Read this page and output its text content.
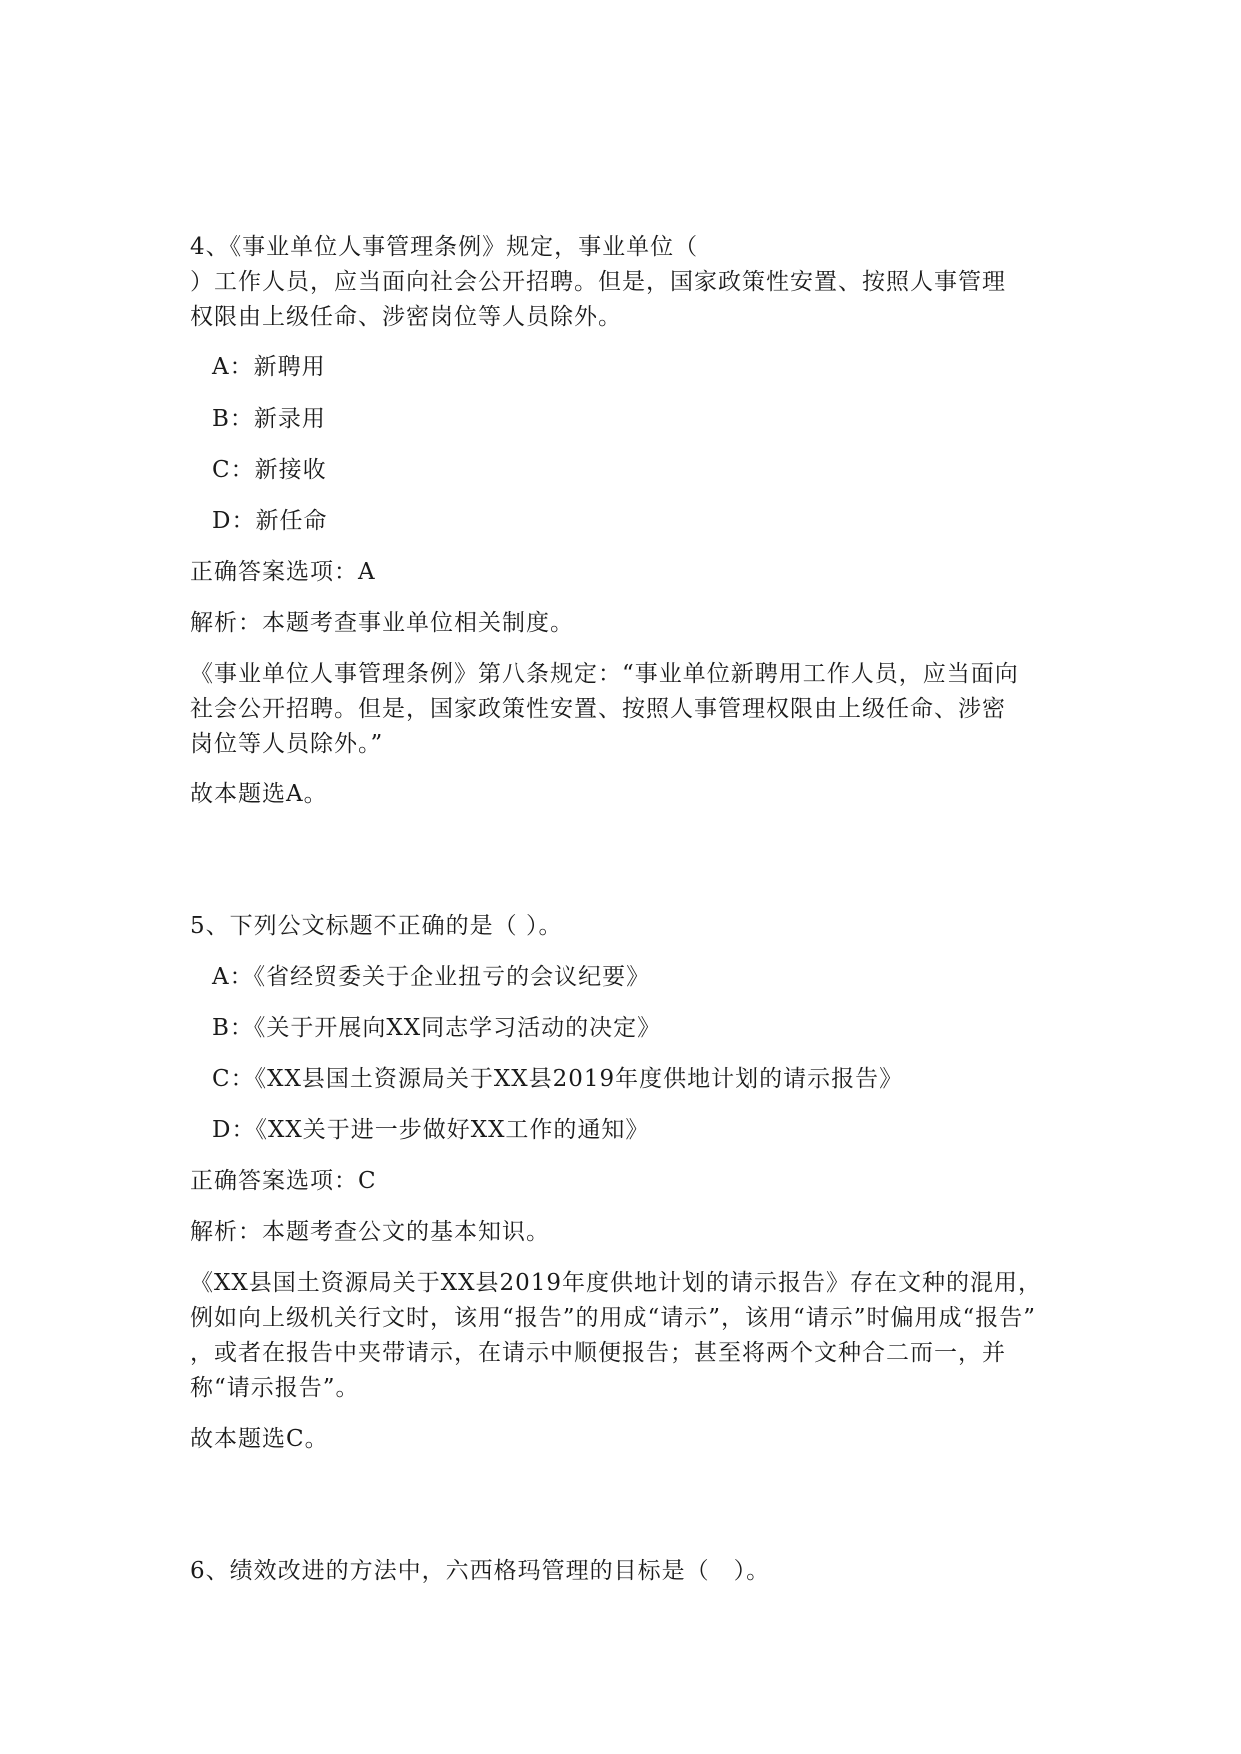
4、《事业单位人事管理条例》规定，事业单位（
）工作人员，应当面向社会公开招聘。但是，国家政策性安置、按照人事管理
权限由上级任命、涉密岗位等人员除外。
A：新聘用
B：新录用
C：新接收
D：新任命
正确答案选项：A
解析：本题考查事业单位相关制度。
《事业单位人事管理条例》第八条规定：“事业单位新聘用工作人员，应当面向
社会公开招聘。但是，国家政策性安置、按照人事管理权限由上级任命、涉密
岗位等人员除外。”
故本题选A。
5、下列公文标题不正确的是（ ）。
A：《省经贸委关于企业扭亏的会议纪要》
B：《关于开展向XX同志学习活动的决定》
C：《XX县国土资源局关于XX县2019年度供地计划的请示报告》
D：《XX关于进一步做好XX工作的通知》
正确答案选项：C
解析：本题考查公文的基本知识。
《XX县国土资源局关于XX县2019年度供地计划的请示报告》存在文种的混用，
例如向上级机关行文时，该用“报告”的用成“请示”，该用“请示”时偏用成“报告”
，或者在报告中夹带请示，在请示中顺便报告；甚至将两个文种合二而一，并
称“请示报告”。
故本题选C。
6、绩效改进的方法中，六西格玛管理的目标是（　）。
